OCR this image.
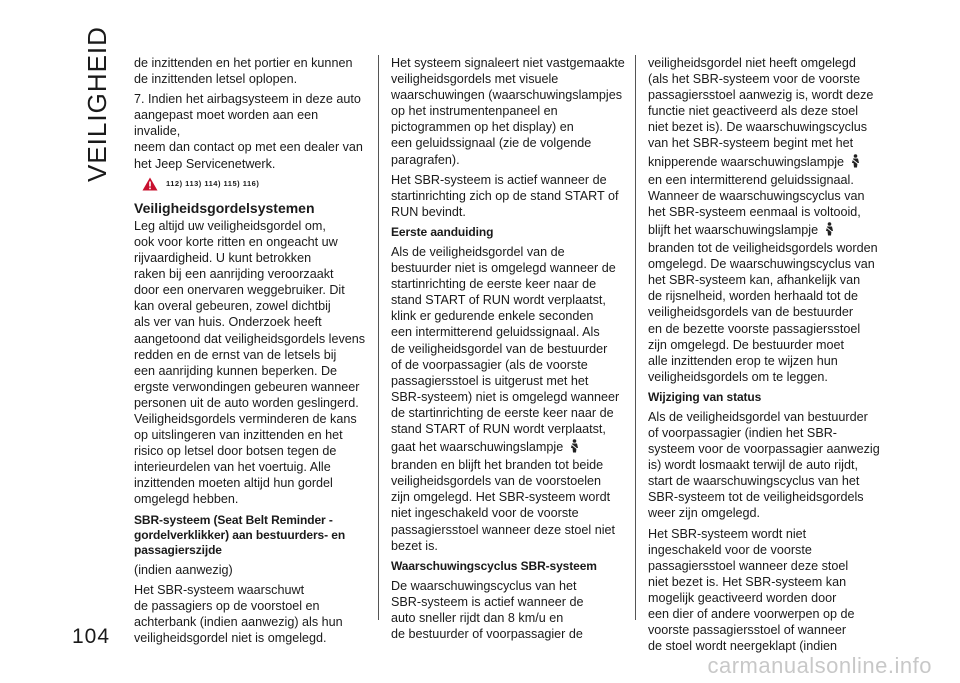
VEILIGHEID de inzittenden en het portier en kunnen
de inzittenden letsel oplopen.

7. Indien het airbagsysteem in deze auto
aangepast moet worden aan een invalide,
neem dan contact op met een dealer van
het Jeep Servicenetwerk.

112) 113) 114) 115) 116)
Veiligheidsgordelsystemen

Leg altijd uw veiligheidsgordel om,
ook voor korte ritten en ongeacht uw
rijvaardigheid. U kunt betrokken
raken bij een aanrijding veroorzaakt
door een onervaren weggebruiker. Dit
kan overal gebeuren, zowel dichtbij
als ver van huis. Onderzoek heeft
aangetoond dat veiligheidsgordels levens
redden en de ernst van de letsels bij
een aanrijding kunnen beperken. De
ergste verwondingen gebeuren wanneer
personen uit de auto worden geslingerd.
Veiligheidsgordels verminderen de kans
op uitslingeren van inzittenden en het
risico op letsel door botsen tegen de
interieurdelen van het voertuig. Alle
inzittenden moeten altijd hun gordel
omgelegd hebben.

SBR-systeem (Seat Belt Reminder -
gordelverklikker) aan bestuurders- en
passagierszijde

(indien aanwezig)

Het SBR-systeem waarschuwt
de passagiers op de voorstoel en
achterbank (indien aanwezig) als hun
veiligheidsgordel niet is omgelegd.

Het systeem signaleert niet vastgemaakte
veiligheidsgordels met visuele
waarschuwingen (waarschuwingslampjes
op het instrumentenpaneel en
pictogrammen op het display) en
een geluidssignaal (zie de volgende
paragrafen).

Het SBR-systeem is actief wanneer de
startinrichting zich op de stand START of
RUN bevindt.

Eerste aanduiding

Als de veiligheidsgordel van de
bestuurder niet is omgelegd wanneer de
startinrichting de eerste keer naar de
stand START of RUN wordt verplaatst,
klink er gedurende enkele seconden
een intermitterend geluidssignaal. Als
de veiligheidsgordel van de bestuurder
of de voorpassagier (als de voorste
passagiersstoel is uitgerust met het
SBR-systeem) niet is omgelegd wanneer
de startinrichting de eerste keer naar de
stand START of RUN wordt verplaatst,

gaat het waarschuwingslampje

branden en blijft het branden tot beide
veiligheidsgordels van de voorstoelen
zijn omgelegd. Het SBR-systeem wordt
niet ingeschakeld voor de voorste
passagiersstoel wanneer deze stoel niet
bezet is.

Waarschuwingscyclus SBR-systeem

De waarschuwingscyclus van het
SBR-systeem is actief wanneer de
auto sneller rijdt dan 8 km/u en
de bestuurder of voorpassagier de

veiligheidsgordel niet heeft omgelegd
(als het SBR-systeem voor de voorste
passagiersstoel aanwezig is, wordt deze
functie niet geactiveerd als deze stoel
niet bezet is). De waarschuwingscyclus
van het SBR-systeem begint met het

knipperende waarschuwingslampje

en een intermitterend geluidssignaal.
Wanneer de waarschuwingscyclus van
het SBR-systeem eenmaal is voltooid,

blijft het waarschuwingslampje

branden tot de veiligheidsgordels worden
omgelegd. De waarschuwingscyclus van
het SBR-systeem kan, afhankelijk van
de rijsnelheid, worden herhaald tot de
veiligheidsgordels van de bestuurder
en de bezette voorste passagiersstoel
zijn omgelegd. De bestuurder moet
alle inzittenden erop te wijzen hun
veiligheidsgordels om te leggen.

Wijziging van status

Als de veiligheidsgordel van bestuurder
of voorpassagier (indien het SBR-
systeem voor de voorpassagier aanwezig
is) wordt losmaakt terwijl de auto rijdt,
start de waarschuwingscyclus van het
SBR-systeem tot de veiligheidsgordels
weer zijn omgelegd.

Het SBR-systeem wordt niet
ingeschakeld voor de voorste
passagiersstoel wanneer deze stoel
niet bezet is. Het SBR-systeem kan
mogelijk geactiveerd worden door
een dier of andere voorwerpen op de
voorste passagiersstoel of wanneer
de stoel wordt neergeklapt (indien

104
carmanualsonline.info
